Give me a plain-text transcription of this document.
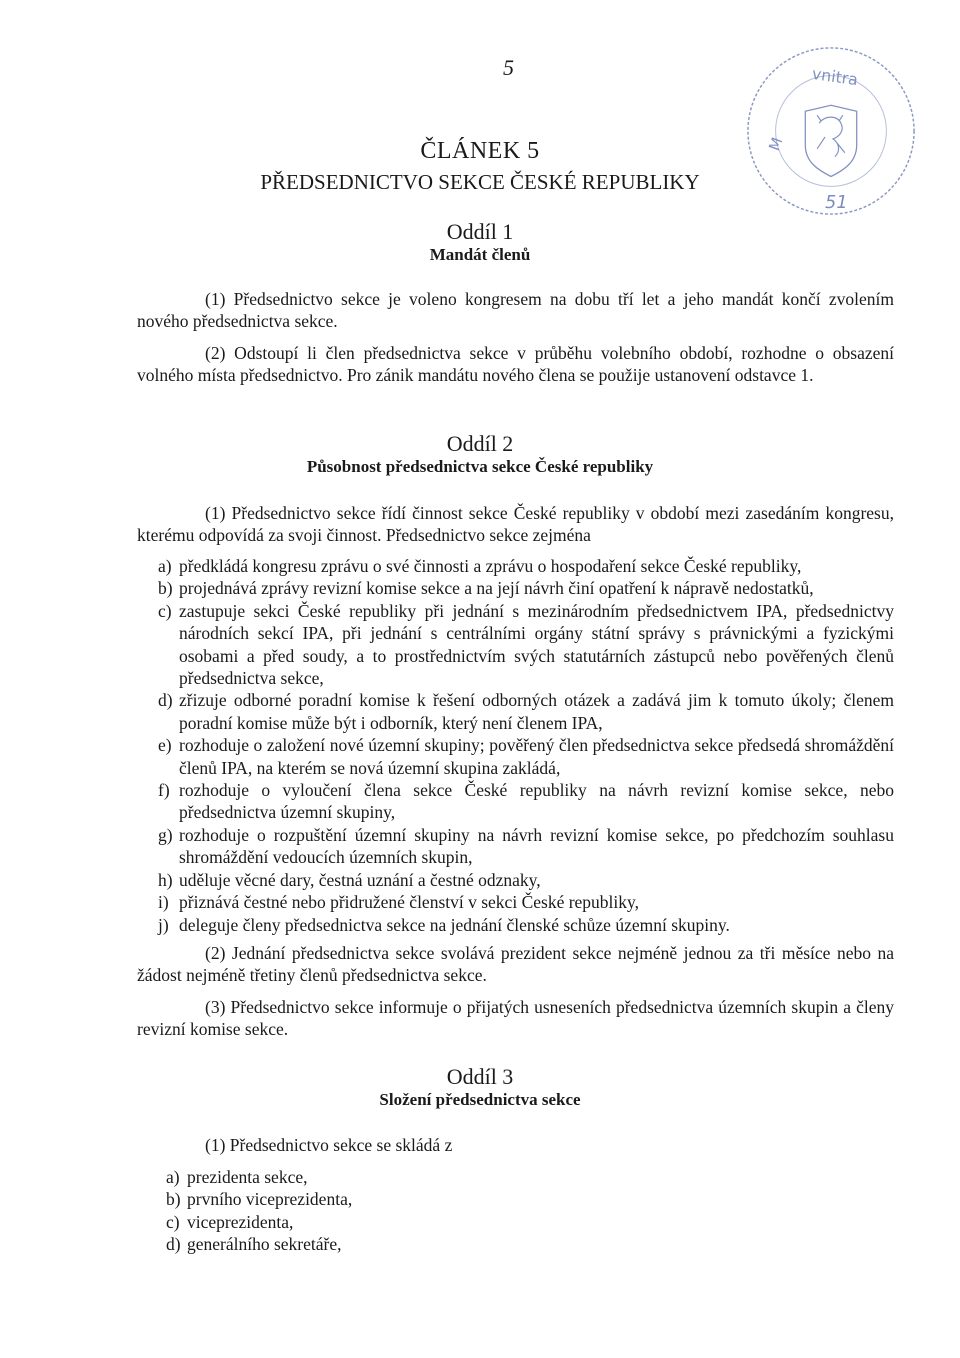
5
M
vnitra
51
ČLÁNEK 5
PŘEDSEDNICTVO SEKCE ČESKÉ REPUBLIKY
Oddíl 1
Mandát členů

(1) Předsednictvo sekce je voleno kongresem na dobu tří let a jeho mandát končí zvolením nového předsednictva sekce.

(2) Odstoupí li člen předsednictva sekce v průběhu volebního období, rozhodne o obsazení volného místa předsednictvo. Pro zánik mandátu nového člena se použije ustanovení odstavce 1.

Oddíl 2
Působnost předsednictva sekce České republiky

(1) Předsednictvo sekce řídí činnost sekce České republiky v období mezi zasedáním kongresu, kterému odpovídá za svoji činnost. Předsednictvo sekce zejména

a) předkládá kongresu zprávu o své činnosti a zprávu o hospodaření sekce České republiky,
b) projednává zprávy revizní komise sekce a na její návrh činí opatření k nápravě nedostatků,
c) zastupuje sekci České republiky při jednání s mezinárodním předsednictvem IPA, předsednictvy národních sekcí IPA, při jednání s centrálními orgány státní správy s právnickými a fyzickými osobami a před soudy, a to prostřednictvím svých statutárních zástupců nebo pověřených členů předsednictva sekce,
d) zřizuje odborné poradní komise k řešení odborných otázek a zadává jim k tomuto úkoly; členem poradní komise může být i odborník, který není členem IPA,
e) rozhoduje o založení nové územní skupiny; pověřený člen předsednictva sekce předsedá shromáždění členů IPA, na kterém se nová územní skupina zakládá,
f) rozhoduje o vyloučení člena sekce České republiky na návrh revizní komise sekce, nebo předsednictva územní skupiny,
g) rozhoduje o rozpuštění územní skupiny na návrh revizní komise sekce, po předchozím souhlasu shromáždění vedoucích územních skupin,
h) uděluje věcné dary, čestná uznání a čestné odznaky,
i) přiznává čestné nebo přidružené členství v sekci České republiky,
j) deleguje členy předsednictva sekce na jednání členské schůze územní skupiny.

(2) Jednání předsednictva sekce svolává prezident sekce nejméně jednou za tři měsíce nebo na žádost nejméně třetiny členů předsednictva sekce.

(3) Předsednictvo sekce informuje o přijatých usneseních předsednictva územních skupin a členy revizní komise sekce.

Oddíl 3
Složení předsednictva sekce

(1) Předsednictvo sekce se skládá z

a) prezidenta sekce,
b) prvního viceprezidenta,
c) viceprezidenta,
d) generálního sekretáře,
